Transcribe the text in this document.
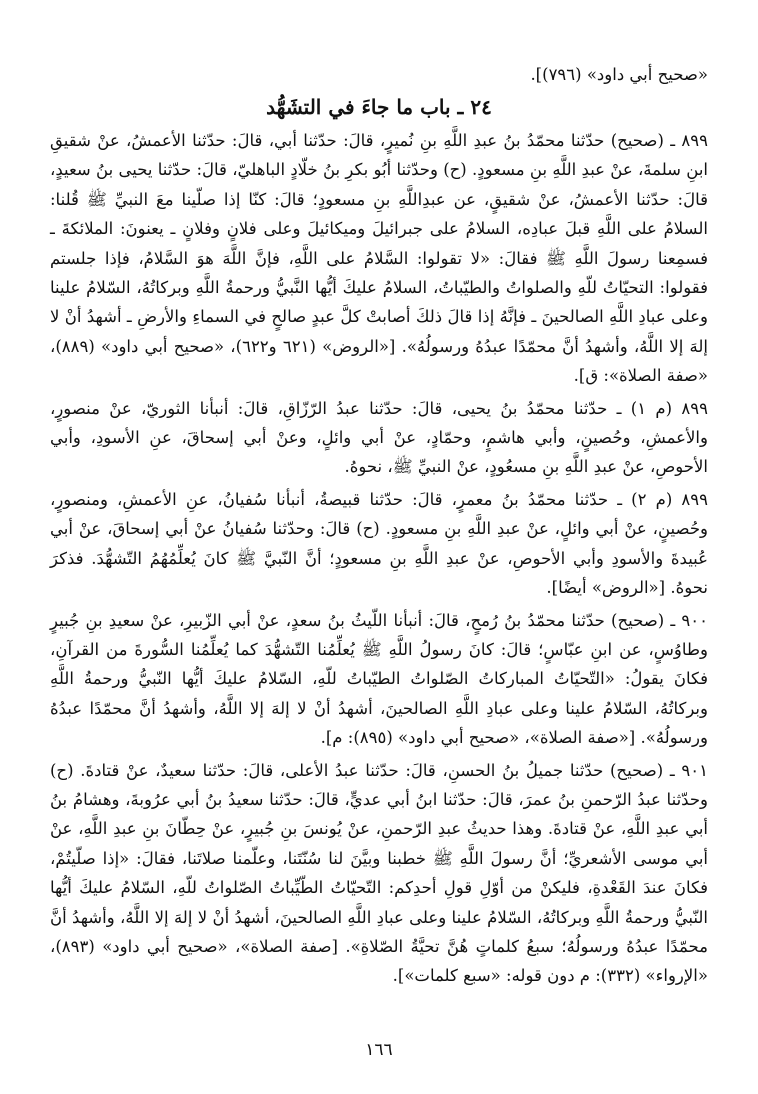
«صحيح أبي داود» (٧٩٦)].
٢٤ ـ باب ما جاءَ في التشَهُّد

٨٩٩ ـ (صحيح) حدّثنا محمّدُ بنُ عبدِ اللَّهِ بنِ نُميرٍ، قالَ: حدّثنا أبي، قالَ: حدّثنا الأعمشُ، عنْ شقيقِ ابنِ سلمةَ، عنْ عبدِ اللَّهِ بنِ مسعودٍ. (ح) وحدّثنا أبُو بكرِ بنُ خلّادٍ الباهليّ، قالَ: حدّثنا يحيى بنُ سعيدٍ، قالَ: حدّثنا الأعمشُ، عنْ شقيقٍ، عن عبدِاللَّهِ بنِ مسعودٍ؛ قالَ: كنّا إذا صلّينا معَ النبيِّ ﷺ قُلنا: السلامُ على اللَّهِ قبلَ عبادِه، السلامُ على جبرائيلَ وميكائيلَ وعلى فلانٍ وفلانٍ ـ يعنونَ: الملائكةَ ـ فسمِعنا رسولَ اللَّهِ ﷺ فقالَ: «لا تقولوا: السَّلامُ على اللَّهِ، فإنَّ اللَّهَ هوَ السَّلامُ، فإذا جلستم فقولوا: التحيّاتُ للّهِ والصلواتُ والطيّباتُ، السلامُ عليكَ أيُّها النَّبيُّ ورحمةُ اللَّهِ وبركاتُهُ، السّلامُ علينا وعلى عبادِ اللَّهِ الصالحينَ ـ فإنَّهُ إذا قالَ ذلكَ أصابتْ كلَّ عبدٍ صالحٍ في السماءِ والأرضِ ـ أشهدُ أنْ لا إلهَ إلا اللَّهُ، وأشهدُ أنَّ محمّدًا عبدُهُ ورسولُهُ». [«الروض» (٦٢١ و٦٢٢)، «صحيح أبي داود» (٨٨٩)، «صفة الصلاة»: ق].

٨٩٩ (م ١) ـ حدّثنا محمّدُ بنُ يحيى، قالَ: حدّثنا عبدُ الرّزّاقِ، قالَ: أنبأنا الثوريّ، عنْ منصورٍ، والأعمشِ، وحُصينٍ، وأبي هاشمٍ، وحمّادٍ، عنْ أبي وائلٍ، وعنْ أبي إسحاقَ، عنِ الأسودِ، وأبي الأحوصِ، عنْ عبدِ اللَّهِ بنِ مسعُودٍ، عنْ النبيِّ ﷺ، نحوهُ.

٨٩٩ (م ٢) ـ حدّثنا محمّدُ بنُ معمرٍ، قالَ: حدّثنا قبيصةُ، أنبأنا سُفيانُ، عنِ الأعمشِ، ومنصورٍ، وحُصينٍ، عنْ أبي وائلٍ، عنْ عبدِ اللَّهِ بنِ مسعودٍ. (ح) قالَ: وحدّثنا سُفيانُ عنْ أبي إسحاقَ، عنْ أبي عُبيدةَ والأسودِ وأبي الأحوصِ، عنْ عبدِ اللَّهِ بنِ مسعودٍ؛ أنَّ النّبيَّ ﷺ كانَ يُعلِّمُهُمُ التّشهُّدَ. فذكرَ نحوهُ. [«الروض» أيضًا].

٩٠٠ ـ (صحيح) حدّثنا محمّدُ بنُ رُمحٍ، قالَ: أنبأنا اللّيثُ بنُ سعدٍ، عنْ أبي الزّبيرِ، عنْ سعيدِ بنِ جُبيرٍ وطاوُسٍ، عن ابنِ عبّاسٍ؛ قالَ: كانَ رسولُ اللَّهِ ﷺ يُعلِّمُنا التّشهُّدَ كما يُعلِّمُنا السُّورةَ من القرآنِ، فكانَ يقولُ: «التّحيّاتُ المباركاتُ الصّلواتُ الطيّباتُ للّهِ، السّلامُ عليكَ أيُّها النّبيُّ ورحمةُ اللَّهِ وبركاتُهُ، السّلامُ علينا وعلى عبادِ اللَّهِ الصالحينَ، أشهدُ أنْ لا إلهَ إلا اللَّهُ، وأشهدُ أنَّ محمّدًا عبدُهُ ورسولُهُ». [«صفة الصلاة»، «صحيح أبي داود» (٨٩٥): م].

٩٠١ ـ (صحيح) حدّثنا جميلُ بنُ الحسنِ، قالَ: حدّثنا عبدُ الأعلى، قالَ: حدّثنا سعيدٌ، عنْ قتادةَ. (ح) وحدّثنا عبدُ الرّحمنِ بنُ عمرَ، قالَ: حدّثنا ابنُ أبي عديٍّ، قالَ: حدّثنا سعيدُ بنُ أبي عرُوبةَ، وهشامُ بنُ أبي عبدِ اللَّهِ، عنْ قتادةَ. وهذا حديثُ عبدِ الرّحمنِ، عنْ يُونسَ بنِ جُبيرٍ، عنْ حِطّانَ بنِ عبدِ اللَّهِ، عنْ أبي موسى الأشعريِّ؛ أنَّ رسولَ اللَّهِ ﷺ خطبنا وبيَّنَ لنا سُنّتَنا، وعلّمنا صلاتَنا، فقالَ: «إذا صلّيتُمْ، فكانَ عندَ القَعْدةِ، فليكنْ من أوّلِ قولِ أحدِكم: التّحيّاتُ الطّيِّباتُ الصّلواتُ للّهِ، السّلامُ عليكَ أيُّها النّبيُّ ورحمةُ اللَّهِ وبركاتُهُ، السّلامُ علينا وعلى عبادِ اللَّهِ الصالحينَ، أشهدُ أنْ لا إلهَ إلا اللَّهُ، وأشهدُ أنَّ محمّدًا عبدُهُ ورسولُهُ؛ سبعُ كلماتٍ هُنَّ تحيَّةُ الصّلاةِ». [صفة الصلاة»، «صحيح أبي داود» (٨٩٣)، «الإرواء» (٣٣٢): م دون قوله: «سبع كلمات»].

١٦٦
